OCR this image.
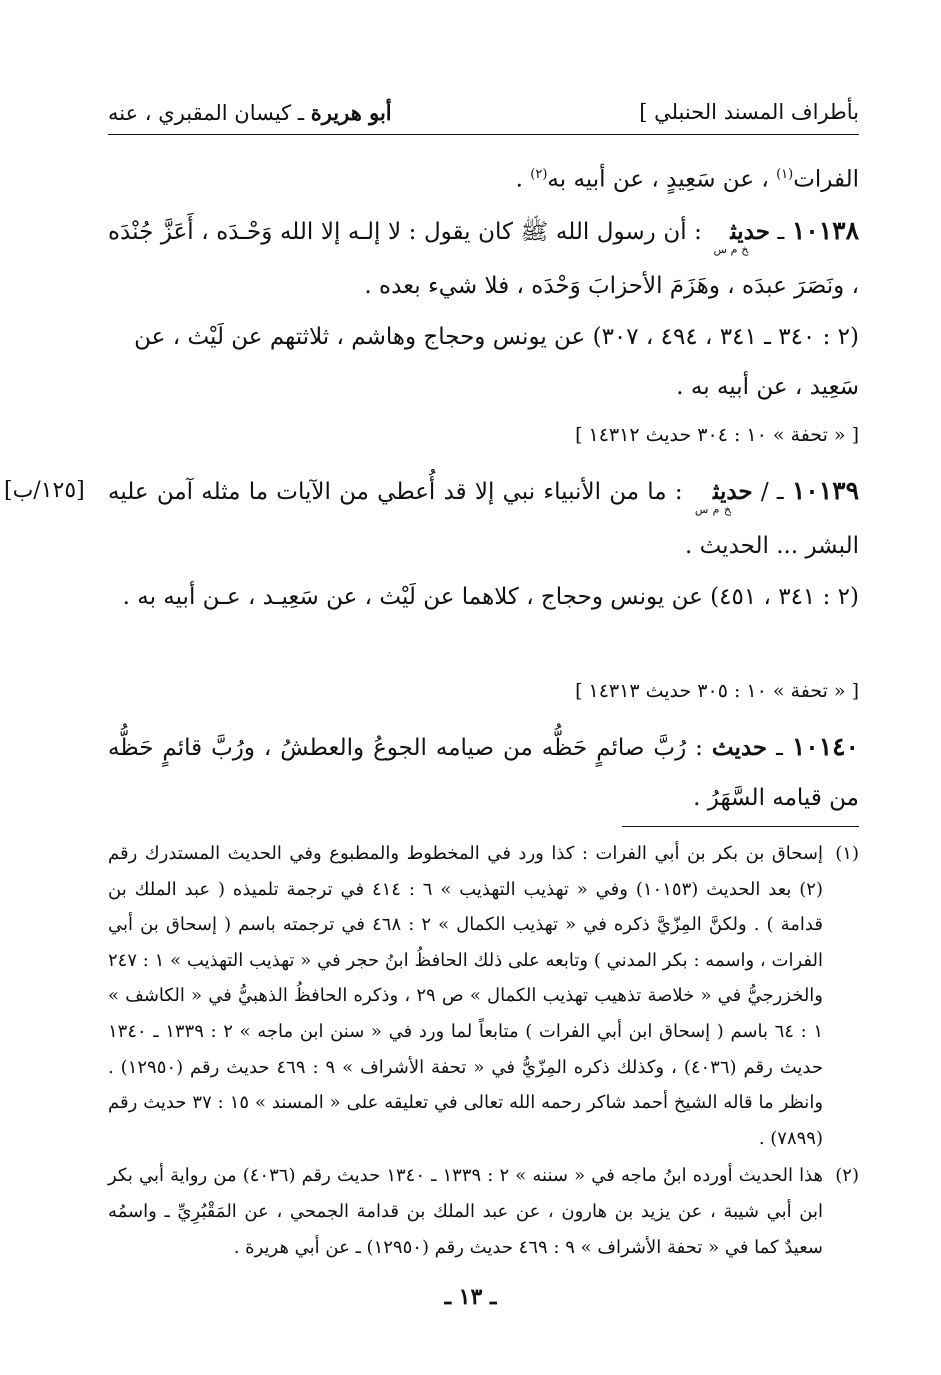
بأطراف المسند الحنبلي ]
أبو هريرة ـ كيسان المقبري ، عنه

الفرات$^{(١)}$ ، عن سَعِيدٍ ، عن أبيه به$^{(٢)}$ .

١٠١٣٨ ـ حديث$_{خ م س}$ : أن رسول الله ﷺ كان يقول : لا إلـه إلا الله وَحْـدَه ، أَعَزَّ جُنْدَه ، ونَصَرَ عبدَه ، وهَزَمَ الأحزابَ وَحْدَه ، فلا شيء بعده .

(٢ : ٣٤٠ ـ ٣٤١ ، ٤٩٤ ، ٣٠٧) عن يونس وحجاج وهاشم ، ثلاثتهم عن لَيْث ، عن سَعِيد ، عن أبيه به .

[ « تحفة » ١٠ : ٣٠٤ حديث ١٤٣١٢ ]

[١٢٥/ب]	١٠١٣٩ ـ / حديث$_{خ م س}$ : ما من الأنبياء نبي إلا قد أُعطي من الآيات ما مثله آمن عليه البشر ... الحديث .

(٢ : ٣٤١ ، ٤٥١) عن يونس وحجاج ، كلاهما عن لَيْث ، عن سَعِيـد ، عـن أبيه به .

[ « تحفة » ١٠ : ٣٠٥ حديث ١٤٣١٣ ]

١٠١٤٠ ـ حديث : رُبَّ صائمٍ حَظُّه من صيامه الجوعُ والعطشُ ، ورُبَّ قائمٍ حَظُّه من قيامه السَّهَرُ .

(١)
إسحاق بن بكر بن أبي الفرات : كذا ورد في المخطوط والمطبوع وفي الحديث المستدرك رقم (٢) بعد الحديث (١٠١٥٣) وفي « تهذيب التهذيب » ٦ : ٤١٤ في ترجمة تلميذه ( عبد الملك بن قدامة ) . ولكنَّ المِزّيَّ ذكره في « تهذيب الكمال » ٢ : ٤٦٨ في ترجمته باسم ( إسحاق بن أبي الفرات ، واسمه : بكر المدني ) وتابعه على ذلك الحافظُ ابنُ حجر في « تهذيب التهذيب » ١ : ٢٤٧ والخزرجيُّ في « خلاصة تذهيب تهذيب الكمال » ص ٢٩ ، وذكره الحافظُ الذهبيُّ في « الكاشف » ١ : ٦٤ باسم ( إسحاق ابن أبي الفرات ) متابعاً لما ورد في « سنن ابن ماجه » ٢ : ١٣٣٩ ـ ١٣٤٠ حديث رقم (٤٠٣٦) ، وكذلك ذكره المِزّيُّ في « تحفة الأشراف » ٩ : ٤٦٩ حديث رقم (١٢٩٥٠) . وانظر ما قاله الشيخ أحمد شاكر رحمه الله تعالى في تعليقه على « المسند » ١٥ : ٣٧ حديث رقم (٧٨٩٩) .

(٢)
هذا الحديث أورده ابنُ ماجه في « سننه » ٢ : ١٣٣٩ ـ ١٣٤٠ حديث رقم (٤٠٣٦) من رواية أبي بكر ابن أبي شيبة ، عن يزيد بن هارون ، عن عبد الملك بن قدامة الجمحي ، عن المَقْبُرِيِّ ـ واسمُه سعيدٌ كما في « تحفة الأشراف » ٩ : ٤٦٩ حديث رقم (١٢٩٥٠) ـ عن أبي هريرة .

ـ ١٣ ـ
